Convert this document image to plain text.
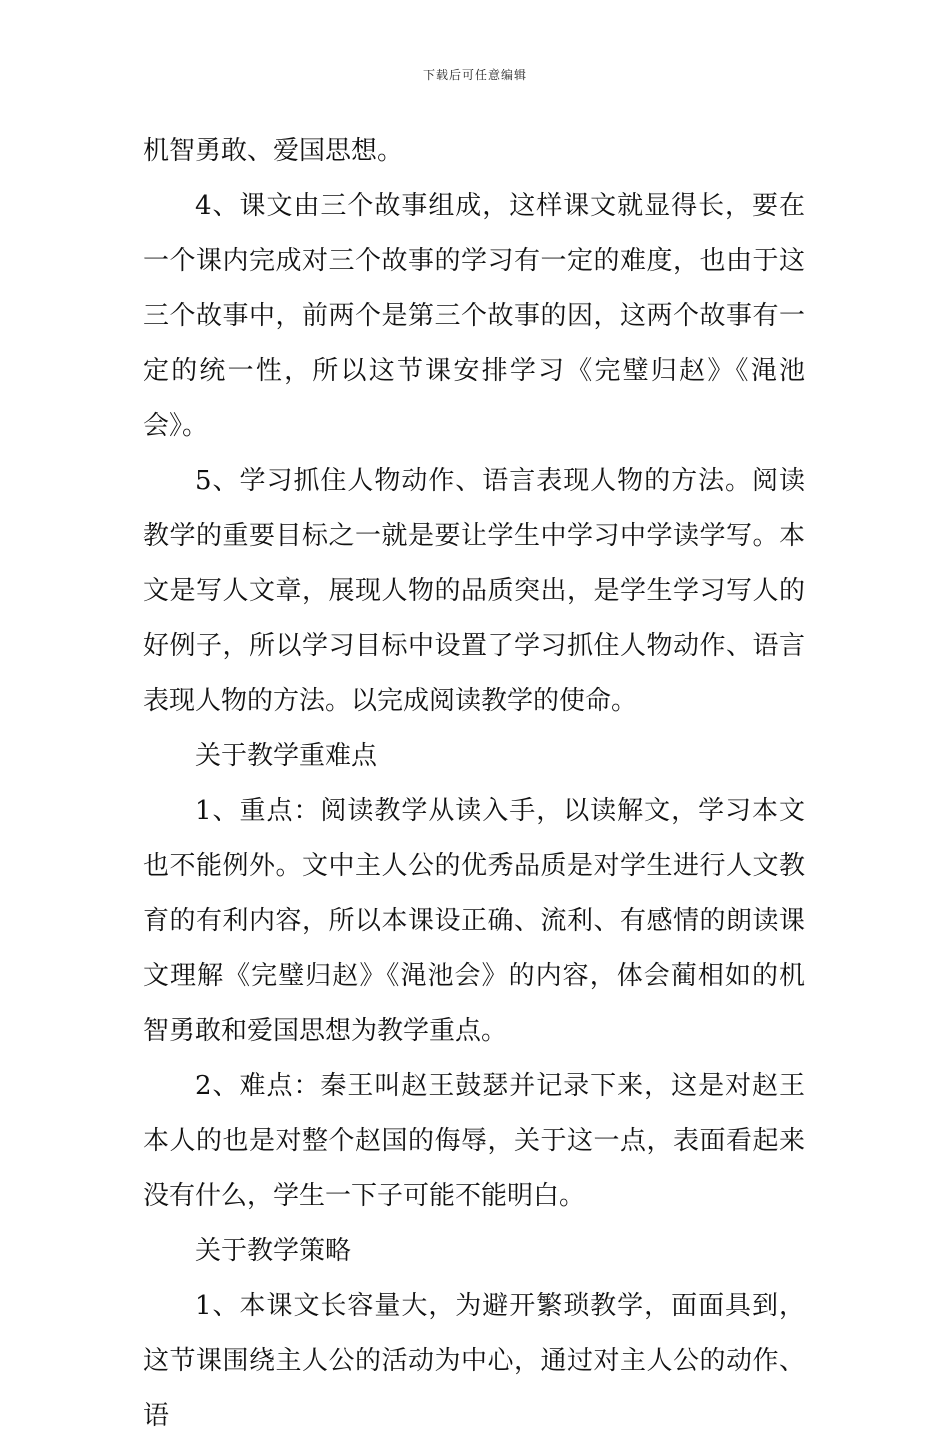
下载后可任意编辑

机智勇敢、爱国思想。

4、课文由三个故事组成，这样课文就显得长，要在一个课内完成对三个故事的学习有一定的难度，也由于这三个故事中，前两个是第三个故事的因，这两个故事有一定的统一性，所以这节课安排学习《完璧归赵》《渑池会》。

5、学习抓住人物动作、语言表现人物的方法。阅读教学的重要目标之一就是要让学生中学习中学读学写。本文是写人文章，展现人物的品质突出，是学生学习写人的好例子，所以学习目标中设置了学习抓住人物动作、语言表现人物的方法。以完成阅读教学的使命。

关于教学重难点

1、重点：阅读教学从读入手，以读解文，学习本文也不能例外。文中主人公的优秀品质是对学生进行人文教育的有利内容，所以本课设正确、流利、有感情的朗读课文理解《完璧归赵》《渑池会》的内容，体会蔺相如的机智勇敢和爱国思想为教学重点。

2、难点：秦王叫赵王鼓瑟并记录下来，这是对赵王本人的也是对整个赵国的侮辱，关于这一点，表面看起来没有什么，学生一下子可能不能明白。

关于教学策略

1、本课文长容量大，为避开繁琐教学，面面具到，这节课围绕主人公的活动为中心，通过对主人公的动作、语
